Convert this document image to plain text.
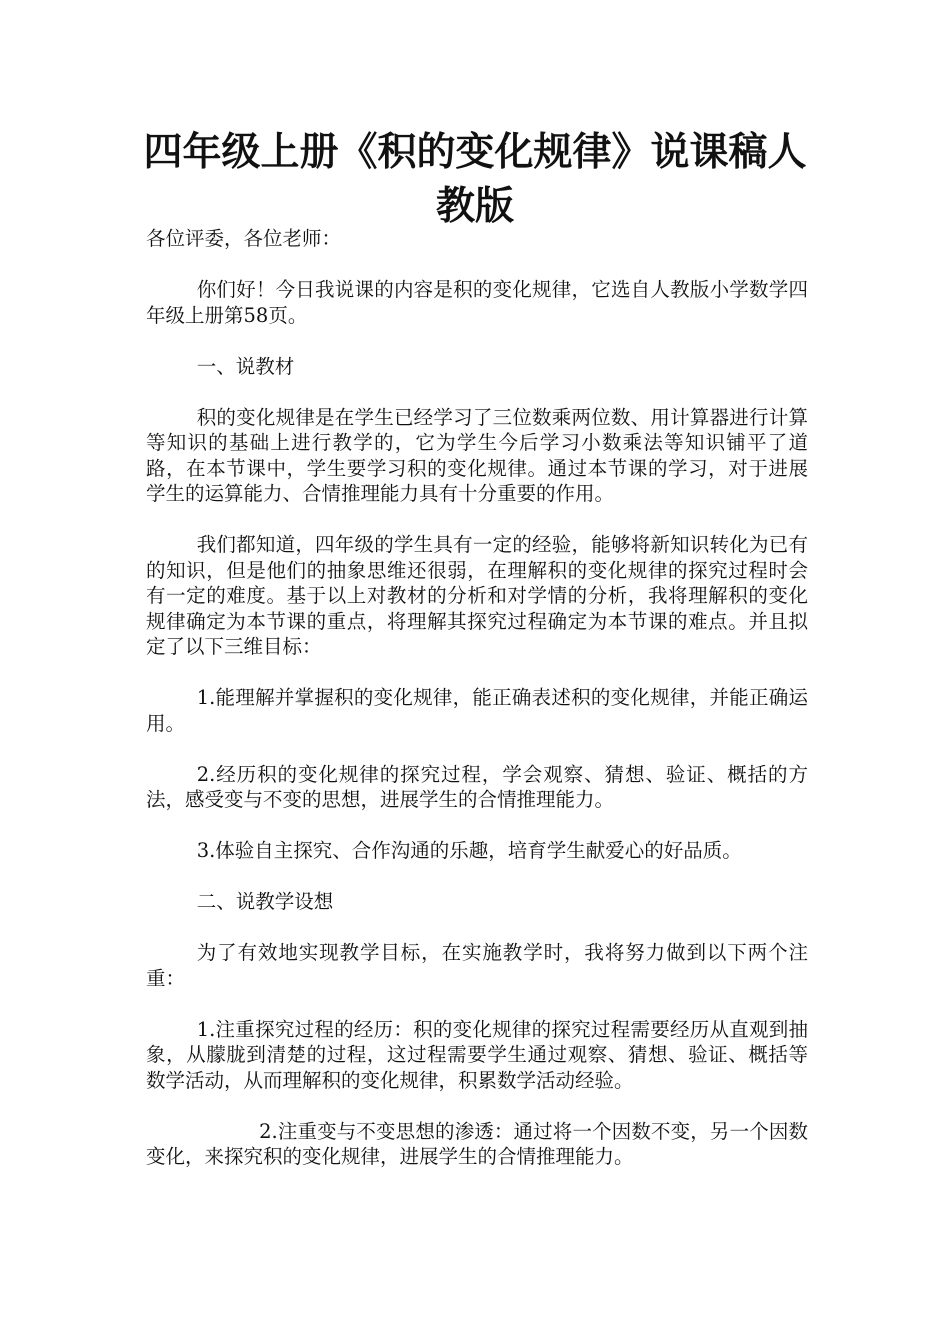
四年级上册《积的变化规律》说课稿人教版

各位评委，各位老师：

你们好！今日我说课的内容是积的变化规律，它选自人教版小学数学四年级上册第58页。

一、说教材

积的变化规律是在学生已经学习了三位数乘两位数、用计算器进行计算等知识的基础上进行教学的，它为学生今后学习小数乘法等知识铺平了道路，在本节课中，学生要学习积的变化规律。通过本节课的学习，对于进展学生的运算能力、合情推理能力具有十分重要的作用。

我们都知道，四年级的学生具有一定的经验，能够将新知识转化为已有的知识，但是他们的抽象思维还很弱，在理解积的变化规律的探究过程时会有一定的难度。基于以上对教材的分析和对学情的分析，我将理解积的变化规律确定为本节课的重点，将理解其探究过程确定为本节课的难点。并且拟定了以下三维目标：

1.能理解并掌握积的变化规律，能正确表述积的变化规律，并能正确运用。

2.经历积的变化规律的探究过程，学会观察、猜想、验证、概括的方法，感受变与不变的思想，进展学生的合情推理能力。

3.体验自主探究、合作沟通的乐趣，培育学生献爱心的好品质。

二、说教学设想

为了有效地实现教学目标，在实施教学时，我将努力做到以下两个注重：

1.注重探究过程的经历：积的变化规律的探究过程需要经历从直观到抽象，从朦胧到清楚的过程，这过程需要学生通过观察、猜想、验证、概括等数学活动，从而理解积的变化规律，积累数学活动经验。

2.注重变与不变思想的渗透：通过将一个因数不变，另一个因数变化，来探究积的变化规律，进展学生的合情推理能力。
